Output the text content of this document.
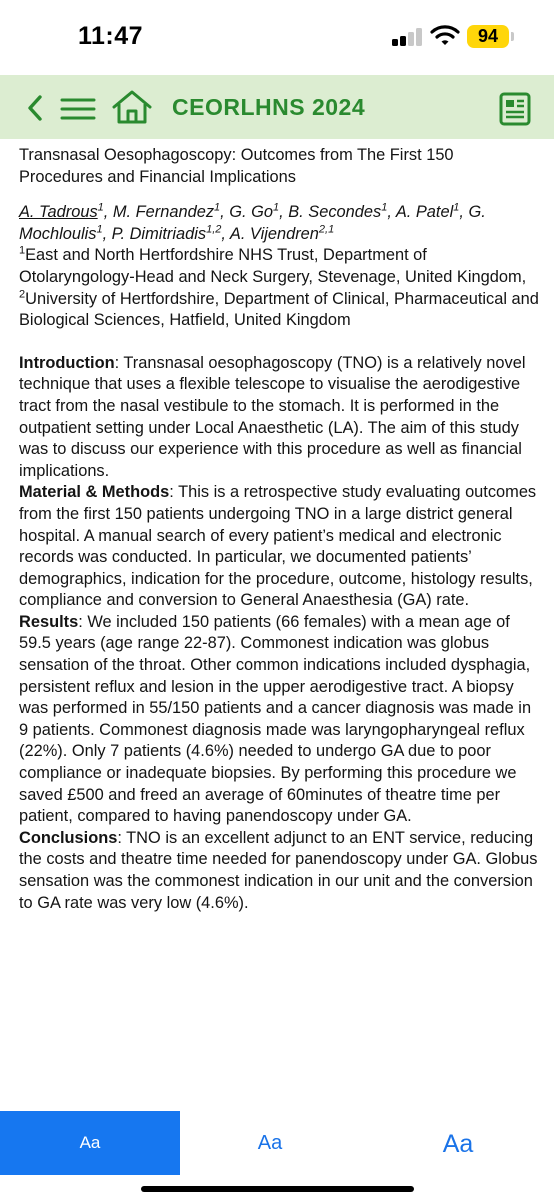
11:47	94
CEORLHNS 2024

Transnasal Oesophagoscopy: Outcomes from The First 150
Procedures and Financial Implications

A. Tadrous$^1$, M. Fernandez$^1$, G. Go$^1$, B. Secondes$^1$, A. Patel$^1$, G. Mochloulis$^1$, P. Dimitriadis$^{1,2}$, A. Vijendren$^{2,1}$

$^1$East and North Hertfordshire NHS Trust, Department of Otolaryngology-Head and Neck Surgery, Stevenage, United Kingdom, $^2$University of Hertfordshire, Department of Clinical, Pharmaceutical and Biological Sciences, Hatfield, United Kingdom

Introduction: Transnasal oesophagoscopy (TNO) is a relatively novel technique that uses a flexible telescope to visualise the aerodigestive tract from the nasal vestibule to the stomach. It is performed in the outpatient setting under Local Anaesthetic (LA). The aim of this study was to discuss our experience with this procedure as well as financial implications.
Material & Methods: This is a retrospective study evaluating outcomes from the first 150 patients undergoing TNO in a large district general hospital. A manual search of every patient’s medical and electronic records was conducted. In particular, we documented patients’ demographics, indication for the procedure, outcome, histology results, compliance and conversion to General Anaesthesia (GA) rate.
Results: We included 150 patients (66 females) with a mean age of 59.5 years (age range 22-87). Commonest indication was globus sensation of the throat. Other common indications included dysphagia, persistent reflux and lesion in the upper aerodigestive tract. A biopsy was performed in 55/150 patients and a cancer diagnosis was made in 9 patients. Commonest diagnosis made was laryngopharyngeal reflux (22%). Only 7 patients (4.6%) needed to undergo GA due to poor compliance or inadequate biopsies. By performing this procedure we saved £500 and freed an average of 60minutes of theatre time per patient, compared to having panendoscopy under GA.
Conclusions: TNO is an excellent adjunct to an ENT service, reducing the costs and theatre time needed for panendoscopy under GA. Globus sensation was the commonest indication in our unit and the conversion to GA rate was very low (4.6%).

Aa	Aa	Aa
